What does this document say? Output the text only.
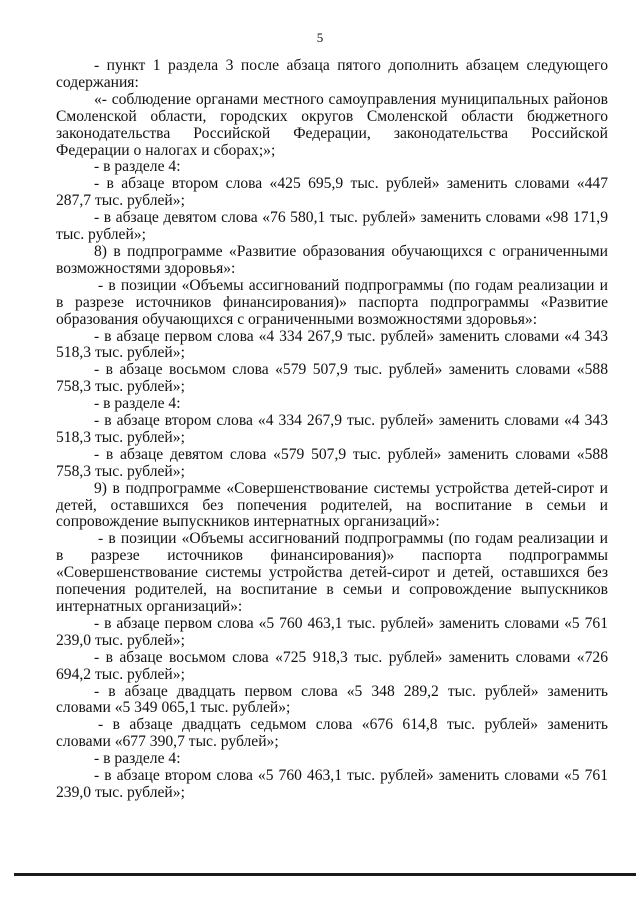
5

- пункт 1 раздела 3 после абзаца пятого дополнить абзацем следующего содержания:

«- соблюдение органами местного самоуправления муниципальных районов Смоленской области, городских округов Смоленской области бюджетного законодательства Российской Федерации, законодательства Российской Федерации о налогах и сборах;»;

- в разделе 4:

- в абзаце втором слова «425 695,9 тыс. рублей» заменить словами «447 287,7 тыс. рублей»;

- в абзаце девятом слова «76 580,1 тыс. рублей» заменить словами «98 171,9 тыс. рублей»;

8) в подпрограмме «Развитие образования обучающихся с ограниченными возможностями здоровья»:

- в позиции «Объемы ассигнований подпрограммы (по годам реализации и в разрезе источников финансирования)» паспорта подпрограммы «Развитие образования обучающихся с ограниченными возможностями здоровья»:

- в абзаце первом слова «4 334 267,9 тыс. рублей» заменить словами «4 343 518,3 тыс. рублей»;

- в абзаце восьмом слова «579 507,9 тыс. рублей» заменить словами «588 758,3 тыс. рублей»;

- в разделе 4:

- в абзаце втором слова «4 334 267,9 тыс. рублей» заменить словами «4 343 518,3 тыс. рублей»;

- в абзаце девятом слова «579 507,9 тыс. рублей» заменить словами «588 758,3 тыс. рублей»;

9) в подпрограмме «Совершенствование системы устройства детей-сирот и детей, оставшихся без попечения родителей, на воспитание в семьи и сопровождение выпускников интернатных организаций»:

- в позиции «Объемы ассигнований подпрограммы (по годам реализации и в разрезе источников финансирования)» паспорта подпрограммы «Совершенствование системы устройства детей-сирот и детей, оставшихся без попечения родителей, на воспитание в семьи и сопровождение выпускников интернатных организаций»:

- в абзаце первом слова «5 760 463,1 тыс. рублей» заменить словами «5 761 239,0 тыс. рублей»;

- в абзаце восьмом слова «725 918,3 тыс. рублей» заменить словами «726 694,2 тыс. рублей»;

- в абзаце двадцать первом слова «5 348 289,2 тыс. рублей» заменить словами «5 349 065,1 тыс. рублей»;

- в абзаце двадцать седьмом слова «676 614,8 тыс. рублей» заменить словами «677 390,7 тыс. рублей»;

- в разделе 4:

- в абзаце втором слова «5 760 463,1 тыс. рублей» заменить словами «5 761 239,0 тыс. рублей»;
